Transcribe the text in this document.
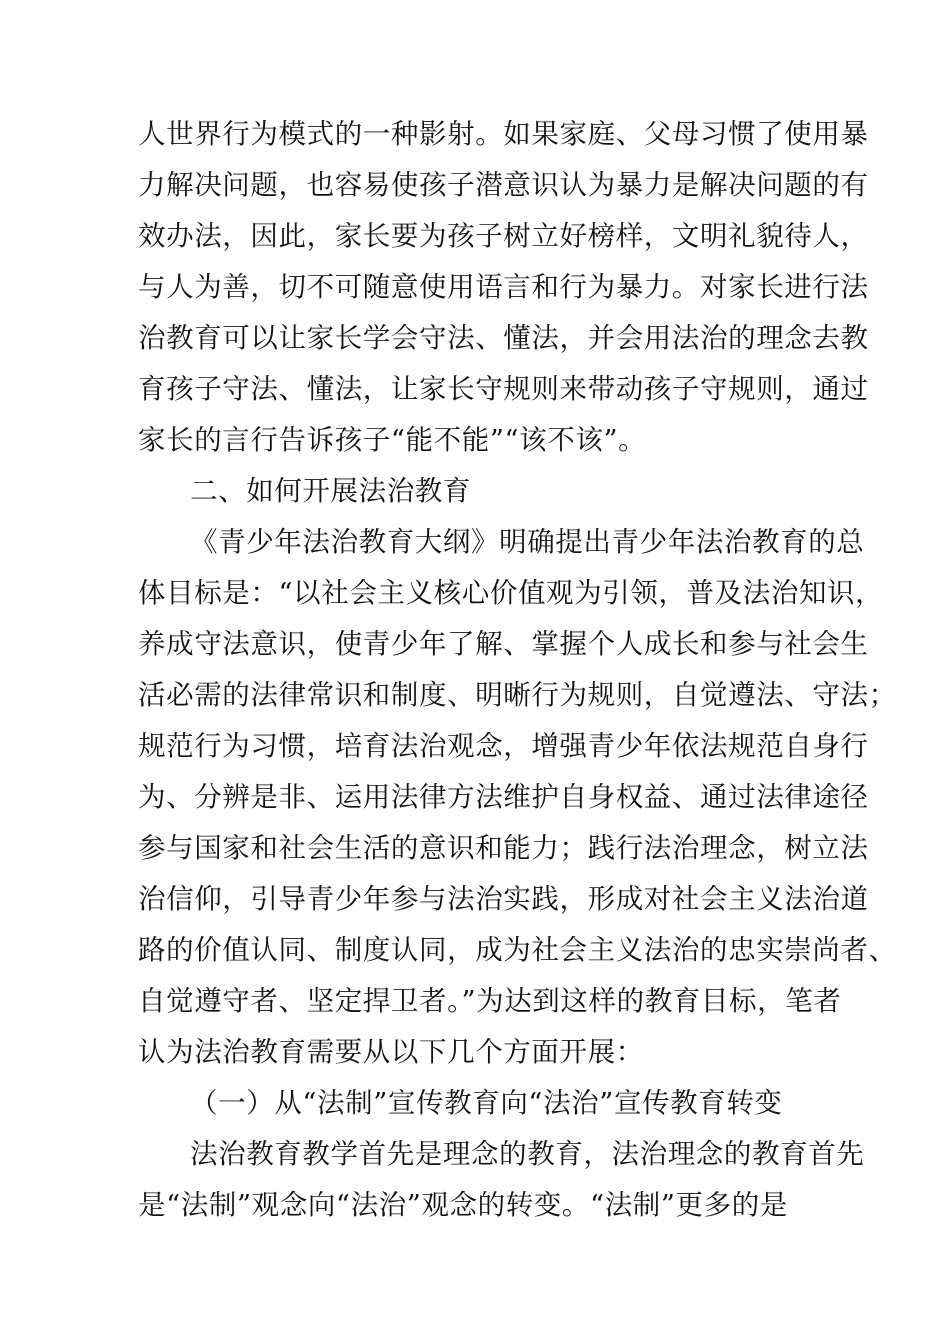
人世界行为模式的一种影射。如果家庭、父母习惯了使用暴
力解决问题，也容易使孩子潜意识认为暴力是解决问题的有
效办法，因此，家长要为孩子树立好榜样，文明礼貌待人，
与人为善，切不可随意使用语言和行为暴力。对家长进行法
治教育可以让家长学会守法、懂法，并会用法治的理念去教
育孩子守法、懂法，让家长守规则来带动孩子守规则，通过
家长的言行告诉孩子“能不能”“该不该”。
二、如何开展法治教育
《青少年法治教育大纲》明确提出青少年法治教育的总
体目标是：“以社会主义核心价值观为引领，普及法治知识，
养成守法意识，使青少年了解、掌握个人成长和参与社会生
活必需的法律常识和制度、明晰行为规则，自觉遵法、守法；
规范行为习惯，培育法治观念，增强青少年依法规范自身行
为、分辨是非、运用法律方法维护自身权益、通过法律途径
参与国家和社会生活的意识和能力；践行法治理念，树立法
治信仰，引导青少年参与法治实践，形成对社会主义法治道
路的价值认同、制度认同，成为社会主义法治的忠实崇尚者、
自觉遵守者、坚定捍卫者。”为达到这样的教育目标，笔者
认为法治教育需要从以下几个方面开展：
（一）从“法制”宣传教育向“法治”宣传教育转变
法治教育教学首先是理念的教育，法治理念的教育首先
是“法制”观念向“法治”观念的转变。“法制”更多的是
